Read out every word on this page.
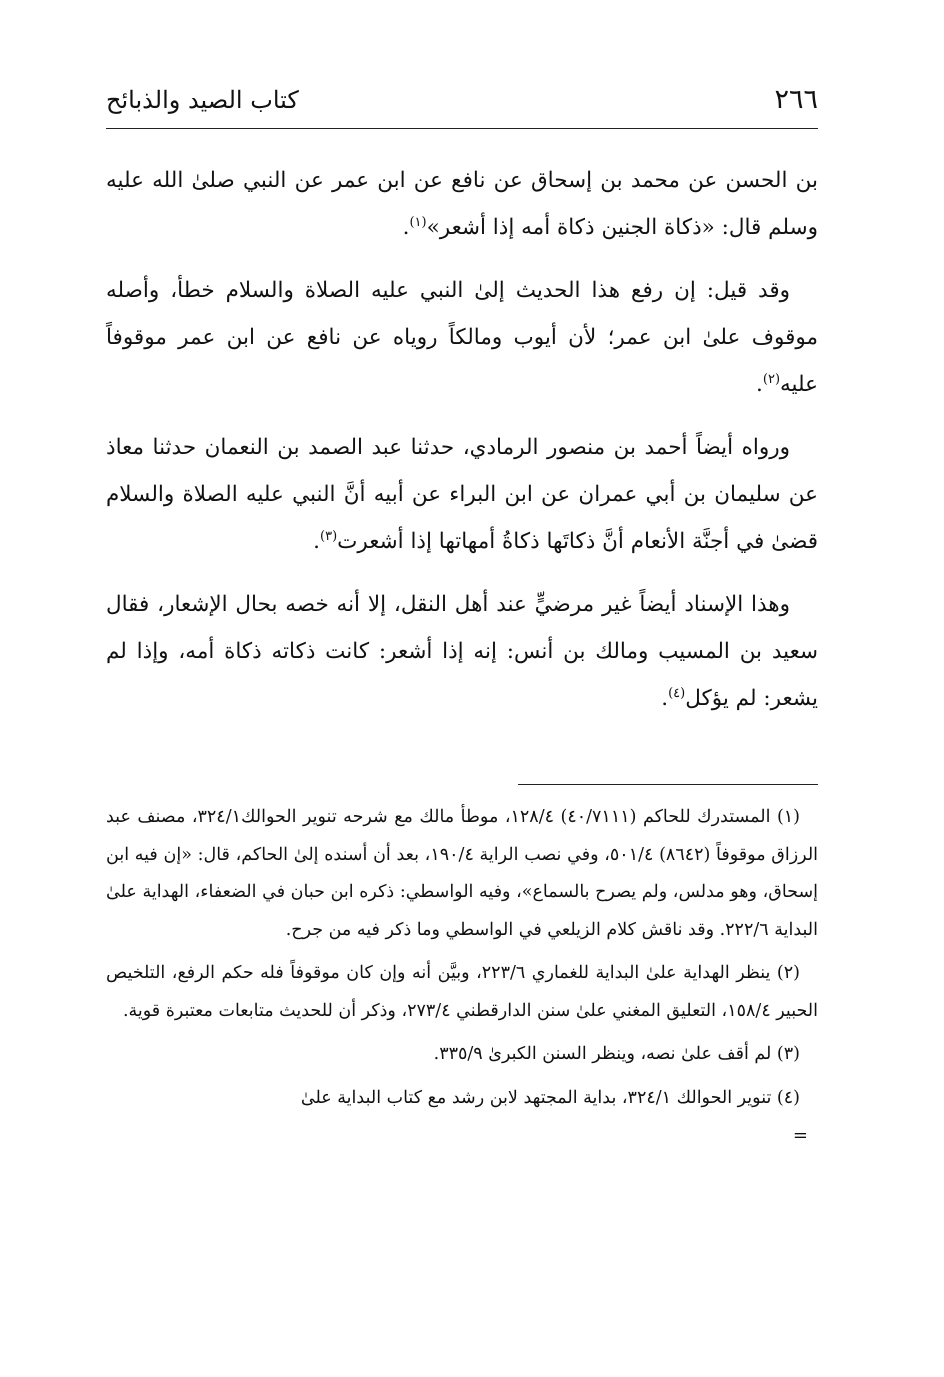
٢٦٦
كتاب الصيد والذبائح

بن الحسن عن محمد بن إسحاق عن نافع عن ابن عمر عن النبي صلىٰ الله عليه وسلم قال: «ذكاة الجنين ذكاة أمه إذا أشعر»$^{(١)}$.

وقد قيل: إن رفع هذا الحديث إلىٰ النبي عليه الصلاة والسلام خطأ، وأصله موقوف علىٰ ابن عمر؛ لأن أيوب ومالكاً روياه عن نافع عن ابن عمر موقوفاً عليه$^{(٢)}$.

ورواه أيضاً أحمد بن منصور الرمادي، حدثنا عبد الصمد بن النعمان حدثنا معاذ عن سليمان بن أبي عمران عن ابن البراء عن أبيه أنَّ النبي عليه الصلاة والسلام قضىٰ في أجنَّة الأنعام أنَّ ذكاتَها ذكاةُ أمهاتها إذا أشعرت$^{(٣)}$.

وهذا الإسناد أيضاً غير مرضيٍّ عند أهل النقل، إلا أنه خصه بحال الإشعار، فقال سعيد بن المسيب ومالك بن أنس: إنه إذا أشعر: كانت ذكاته ذكاة أمه، وإذا لم يشعر: لم يؤكل$^{(٤)}$.

(١) المستدرك للحاكم (٤٠/٧١١١) ١٢٨/٤، موطأ مالك مع شرحه تنوير الحوالك٣٢٤/١، مصنف عبد الرزاق موقوفاً (٨٦٤٢) ٥٠١/٤، وفي نصب الراية ١٩٠/٤، بعد أن أسنده إلىٰ الحاكم، قال: «إن فيه ابن إسحاق، وهو مدلس، ولم يصرح بالسماع»، وفيه الواسطي: ذكره ابن حبان في الضعفاء، الهداية علىٰ البداية ٢٢٢/٦. وقد ناقش كلام الزيلعي في الواسطي وما ذكر فيه من جرح.

(٢) ينظر الهداية علىٰ البداية للغماري ٢٢٣/٦، وبيَّن أنه وإن كان موقوفاً فله حكم الرفع، التلخيص الحبير ١٥٨/٤، التعليق المغني علىٰ سنن الدارقطني ٢٧٣/٤، وذكر أن للحديث متابعات معتبرة قوية.

(٣) لم أقف علىٰ نصه، وينظر السنن الكبرىٰ ٣٣٥/٩.

(٤) تنوير الحوالك ٣٢٤/١، بداية المجتهد لابن رشد مع كتاب البداية علىٰ

=
